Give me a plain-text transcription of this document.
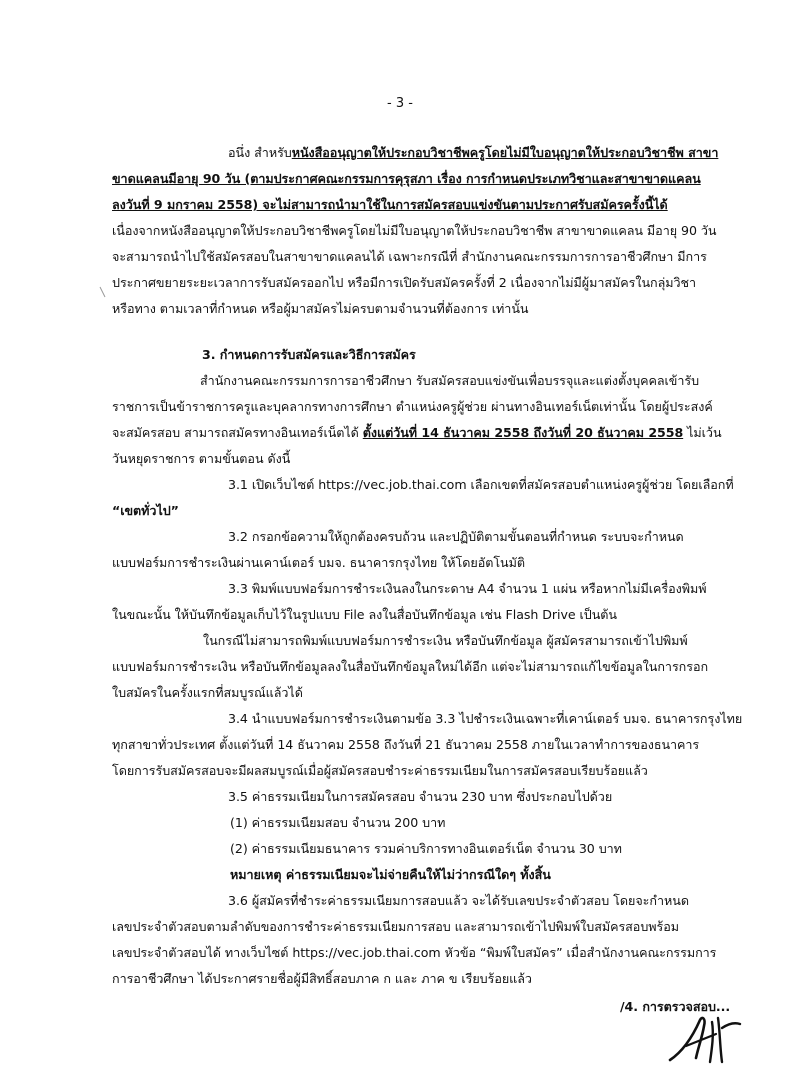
- 3 -
อนึ่ง สำหรับหนังสืออนุญาตให้ประกอบวิชาชีพครูโดยไม่มีใบอนุญาตให้ประกอบวิชาชีพ สาขา
ขาดแคลนมีอายุ 90 วัน (ตามประกาศคณะกรรมการคุรุสภา เรื่อง การกำหนดประเภทวิชาและสาขาขาดแคลน
ลงวันที่ 9 มกราคม 2558) จะไม่สามารถนำมาใช้ในการสมัครสอบแข่งขันตามประกาศรับสมัครครั้งนี้ได้
เนื่องจากหนังสืออนุญาตให้ประกอบวิชาชีพครูโดยไม่มีใบอนุญาตให้ประกอบวิชาชีพ สาขาขาดแคลน มีอายุ 90 วัน
จะสามารถนำไปใช้สมัครสอบในสาขาขาดแคลนได้ เฉพาะกรณีที่ สำนักงานคณะกรรมการการอาชีวศึกษา มีการ
ประกาศขยายระยะเวลาการรับสมัครออกไป หรือมีการเปิดรับสมัครครั้งที่ 2 เนื่องจากไม่มีผู้มาสมัครในกลุ่มวิชา
หรือทาง ตามเวลาที่กำหนด หรือผู้มาสมัครไม่ครบตามจำนวนที่ต้องการ เท่านั้น
3. กำหนดการรับสมัครและวิธีการสมัคร
สำนักงานคณะกรรมการการอาชีวศึกษา รับสมัครสอบแข่งขันเพื่อบรรจุและแต่งตั้งบุคคลเข้ารับ
ราชการเป็นข้าราชการครูและบุคลากรทางการศึกษา ตำแหน่งครูผู้ช่วย ผ่านทางอินเทอร์เน็ตเท่านั้น โดยผู้ประสงค์
จะสมัครสอบ สามารถสมัครทางอินเทอร์เน็ตได้ ตั้งแต่วันที่ 14 ธันวาคม 2558 ถึงวันที่ 20 ธันวาคม 2558 ไม่เว้น
วันหยุดราชการ ตามขั้นตอน ดังนี้
3.1 เปิดเว็บไซต์ https://vec.job.thai.com เลือกเขตที่สมัครสอบตำแหน่งครูผู้ช่วย โดยเลือกที่
“เขตทั่วไป”
3.2 กรอกข้อความให้ถูกต้องครบถ้วน และปฏิบัติตามขั้นตอนที่กำหนด ระบบจะกำหนด
แบบฟอร์มการชำระเงินผ่านเคาน์เตอร์ บมจ. ธนาคารกรุงไทย ให้โดยอัตโนมัติ
3.3 พิมพ์แบบฟอร์มการชำระเงินลงในกระดาษ A4 จำนวน 1 แผ่น หรือหากไม่มีเครื่องพิมพ์
ในขณะนั้น ให้บันทึกข้อมูลเก็บไว้ในรูปแบบ File ลงในสื่อบันทึกข้อมูล เช่น Flash Drive เป็นต้น
ในกรณีไม่สามารถพิมพ์แบบฟอร์มการชำระเงิน หรือบันทึกข้อมูล ผู้สมัครสามารถเข้าไปพิมพ์
แบบฟอร์มการชำระเงิน หรือบันทึกข้อมูลลงในสื่อบันทึกข้อมูลใหม่ได้อีก แต่จะไม่สามารถแก้ไขข้อมูลในการกรอก
ใบสมัครในครั้งแรกที่สมบูรณ์แล้วได้
3.4 นำแบบฟอร์มการชำระเงินตามข้อ 3.3 ไปชำระเงินเฉพาะที่เคาน์เตอร์ บมจ. ธนาคารกรุงไทย
ทุกสาขาทั่วประเทศ ตั้งแต่วันที่ 14 ธันวาคม 2558 ถึงวันที่ 21 ธันวาคม 2558 ภายในเวลาทำการของธนาคาร
โดยการรับสมัครสอบจะมีผลสมบูรณ์เมื่อผู้สมัครสอบชำระค่าธรรมเนียมในการสมัครสอบเรียบร้อยแล้ว
3.5 ค่าธรรมเนียมในการสมัครสอบ จำนวน 230 บาท ซึ่งประกอบไปด้วย
(1) ค่าธรรมเนียมสอบ จำนวน 200 บาท
(2) ค่าธรรมเนียมธนาคาร รวมค่าบริการทางอินเตอร์เน็ต จำนวน 30 บาท
หมายเหตุ ค่าธรรมเนียมจะไม่จ่ายคืนให้ไม่ว่ากรณีใดๆ ทั้งสิ้น
3.6 ผู้สมัครที่ชำระค่าธรรมเนียมการสอบแล้ว จะได้รับเลขประจำตัวสอบ โดยจะกำหนด
เลขประจำตัวสอบตามลำดับของการชำระค่าธรรมเนียมการสอบ และสามารถเข้าไปพิมพ์ใบสมัครสอบพร้อม
เลขประจำตัวสอบได้ ทางเว็บไซต์ https://vec.job.thai.com หัวข้อ “พิมพ์ใบสมัคร” เมื่อสำนักงานคณะกรรมการ
การอาชีวศึกษา ได้ประกาศรายชื่อผู้มีสิทธิ์สอบภาค ก และ ภาค ข เรียบร้อยแล้ว
/4. การตรวจสอบ...
